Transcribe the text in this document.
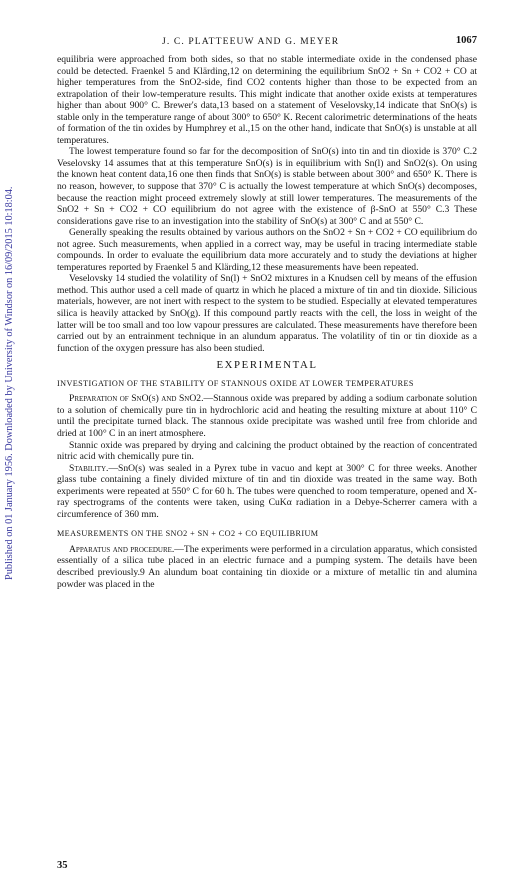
Published on 01 January 1956. Downloaded by University of Windsor on 16/09/2015 10:18:04.
J. C. PLATTEEUW AND G. MEYER	1067

equilibria were approached from both sides, so that no stable intermediate oxide in the condensed phase could be detected. Fraenkel 5 and Klärding,12 on determining the equilibrium SnO2 + Sn + CO2 + CO at higher temperatures from the SnO2-side, find CO2 contents higher than those to be expected from an extrapolation of their low-temperature results. This might indicate that another oxide exists at temperatures higher than about 900° C. Brewer's data,13 based on a statement of Veselovsky,14 indicate that SnO(s) is stable only in the temperature range of about 300° to 650° K. Recent calorimetric determinations of the heats of formation of the tin oxides by Humphrey et al.,15 on the other hand, indicate that SnO(s) is unstable at all temperatures.

The lowest temperature found so far for the decomposition of SnO(s) into tin and tin dioxide is 370° C.2 Veselovsky 14 assumes that at this temperature SnO(s) is in equilibrium with Sn(l) and SnO2(s). On using the known heat content data,16 one then finds that SnO(s) is stable between about 300° and 650° K. There is no reason, however, to suppose that 370° C is actually the lowest temperature at which SnO(s) decomposes, because the reaction might proceed extremely slowly at still lower temperatures. The measurements of the SnO2 + Sn + CO2 + CO equilibrium do not agree with the existence of β-SnO at 550° C.3 These considerations gave rise to an investigation into the stability of SnO(s) at 300° C and at 550° C.

Generally speaking the results obtained by various authors on the SnO2 + Sn + CO2 + CO equilibrium do not agree. Such measurements, when applied in a correct way, may be useful in tracing intermediate stable compounds. In order to evaluate the equilibrium data more accurately and to study the deviations at higher temperatures reported by Fraenkel 5 and Klärding,12 these measurements have been repeated.

Veselovsky 14 studied the volatility of Sn(l) + SnO2 mixtures in a Knudsen cell by means of the effusion method. This author used a cell made of quartz in which he placed a mixture of tin and tin dioxide. Silicious materials, however, are not inert with respect to the system to be studied. Especially at elevated temperatures silica is heavily attacked by SnO(g). If this compound partly reacts with the cell, the loss in weight of the latter will be too small and too low vapour pressures are calculated. These measurements have therefore been carried out by an entrainment technique in an alundum apparatus. The volatility of tin or tin dioxide as a function of the oxygen pressure has also been studied.

EXPERIMENTAL
INVESTIGATION OF THE STABILITY OF STANNOUS OXIDE AT LOWER TEMPERATURES

Preparation of SnO(s) and SnO2.—Stannous oxide was prepared by adding a sodium carbonate solution to a solution of chemically pure tin in hydrochloric acid and heating the resulting mixture at about 110° C until the precipitate turned black. The stannous oxide precipitate was washed until free from chloride and dried at 100° C in an inert atmosphere.

Stannic oxide was prepared by drying and calcining the product obtained by the reaction of concentrated nitric acid with chemically pure tin.

Stability.—SnO(s) was sealed in a Pyrex tube in vacuo and kept at 300° C for three weeks. Another glass tube containing a finely divided mixture of tin and tin dioxide was treated in the same way. Both experiments were repeated at 550° C for 60 h. The tubes were quenched to room temperature, opened and X-ray spectrograms of the contents were taken, using CuKα radiation in a Debye-Scherrer camera with a circumference of 360 mm.

MEASUREMENTS ON THE SNO2 + SN + CO2 + CO EQUILIBRIUM

Apparatus and procedure.—The experiments were performed in a circulation apparatus, which consisted essentially of a silica tube placed in an electric furnace and a pumping system. The details have been described previously.9 An alundum boat containing tin dioxide or a mixture of metallic tin and alumina powder was placed in the

35
